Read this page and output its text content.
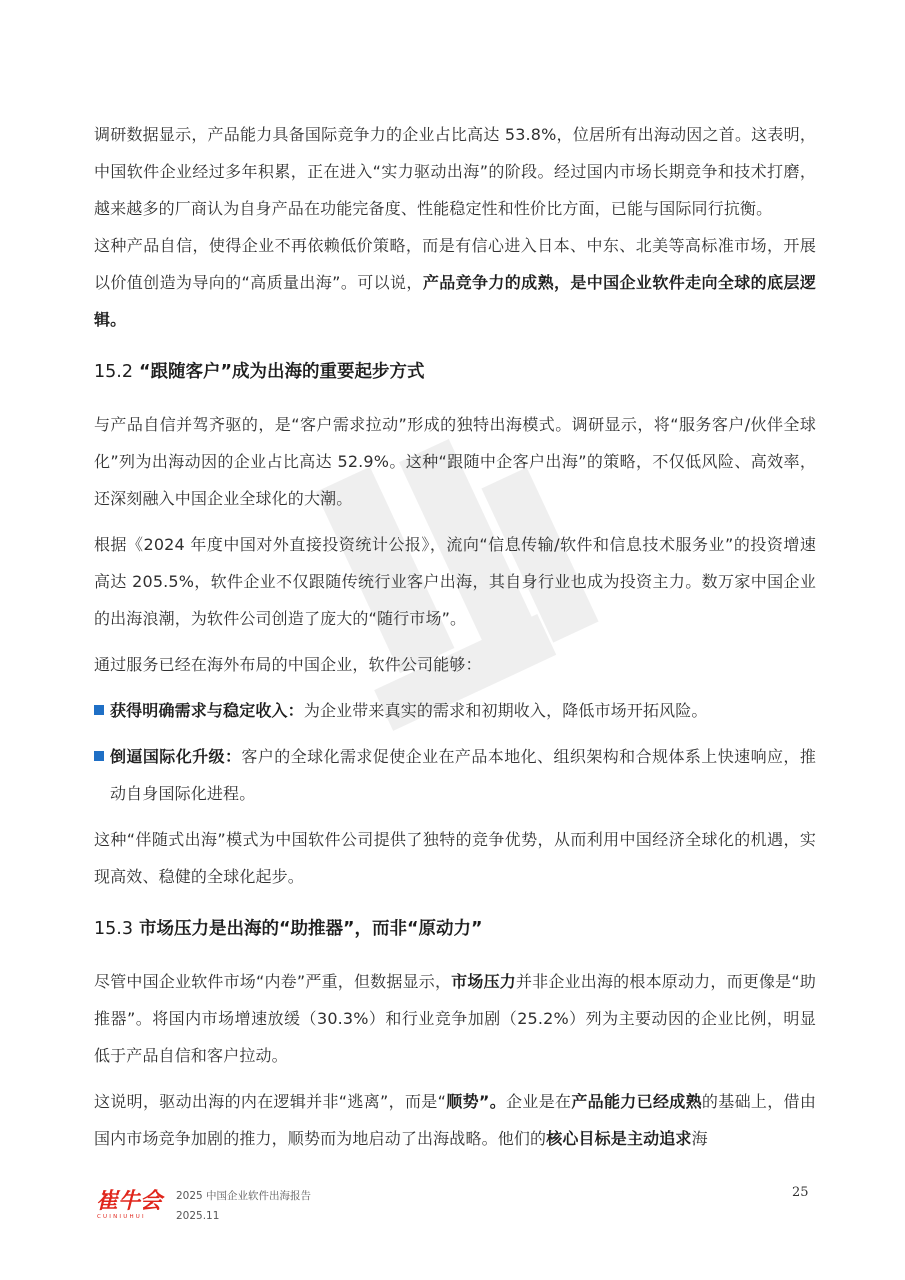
调研数据显示，产品能力具备国际竞争力的企业占比高达 53.8%，位居所有出海动因之首。这表明，中国软件企业经过多年积累，正在进入“实力驱动出海”的阶段。经过国内市场长期竞争和技术打磨，越来越多的厂商认为自身产品在功能完备度、性能稳定性和性价比方面，已能与国际同行抗衡。

这种产品自信，使得企业不再依赖低价策略，而是有信心进入日本、中东、北美等高标准市场，开展以价值创造为导向的“高质量出海”。可以说，产品竞争力的成熟，是中国企业软件走向全球的底层逻辑。

15.2 “跟随客户”成为出海的重要起步方式

与产品自信并驾齐驱的，是“客户需求拉动”形成的独特出海模式。调研显示，将“服务客户/伙伴全球化”列为出海动因的企业占比高达 52.9%。这种“跟随中企客户出海”的策略，不仅低风险、高效率，还深刻融入中国企业全球化的大潮。

根据《2024 年度中国对外直接投资统计公报》，流向“信息传输/软件和信息技术服务业”的投资增速高达 205.5%，软件企业不仅跟随传统行业客户出海，其自身行业也成为投资主力。数万家中国企业的出海浪潮，为软件公司创造了庞大的“随行市场”。

通过服务已经在海外布局的中国企业，软件公司能够：

获得明确需求与稳定收入：为企业带来真实的需求和初期收入，降低市场开拓风险。

倒逼国际化升级：客户的全球化需求促使企业在产品本地化、组织架构和合规体系上快速响应，推动自身国际化进程。

这种“伴随式出海”模式为中国软件公司提供了独特的竞争优势，从而利用中国经济全球化的机遇，实现高效、稳健的全球化起步。

15.3 市场压力是出海的“助推器”，而非“原动力”

尽管中国企业软件市场“内卷”严重，但数据显示，市场压力并非企业出海的根本原动力，而更像是“助推器”。将国内市场增速放缓（30.3%）和行业竞争加剧（25.2%）列为主要动因的企业比例，明显低于产品自信和客户拉动。

这说明，驱动出海的内在逻辑并非“逃离”，而是“顺势”。企业是在产品能力已经成熟的基础上，借由国内市场竞争加剧的推力，顺势而为地启动了出海战略。他们的核心目标是主动追求海

崔牛会
CUINIUHUI
2025 中国企业软件出海报告
2025.11
25
